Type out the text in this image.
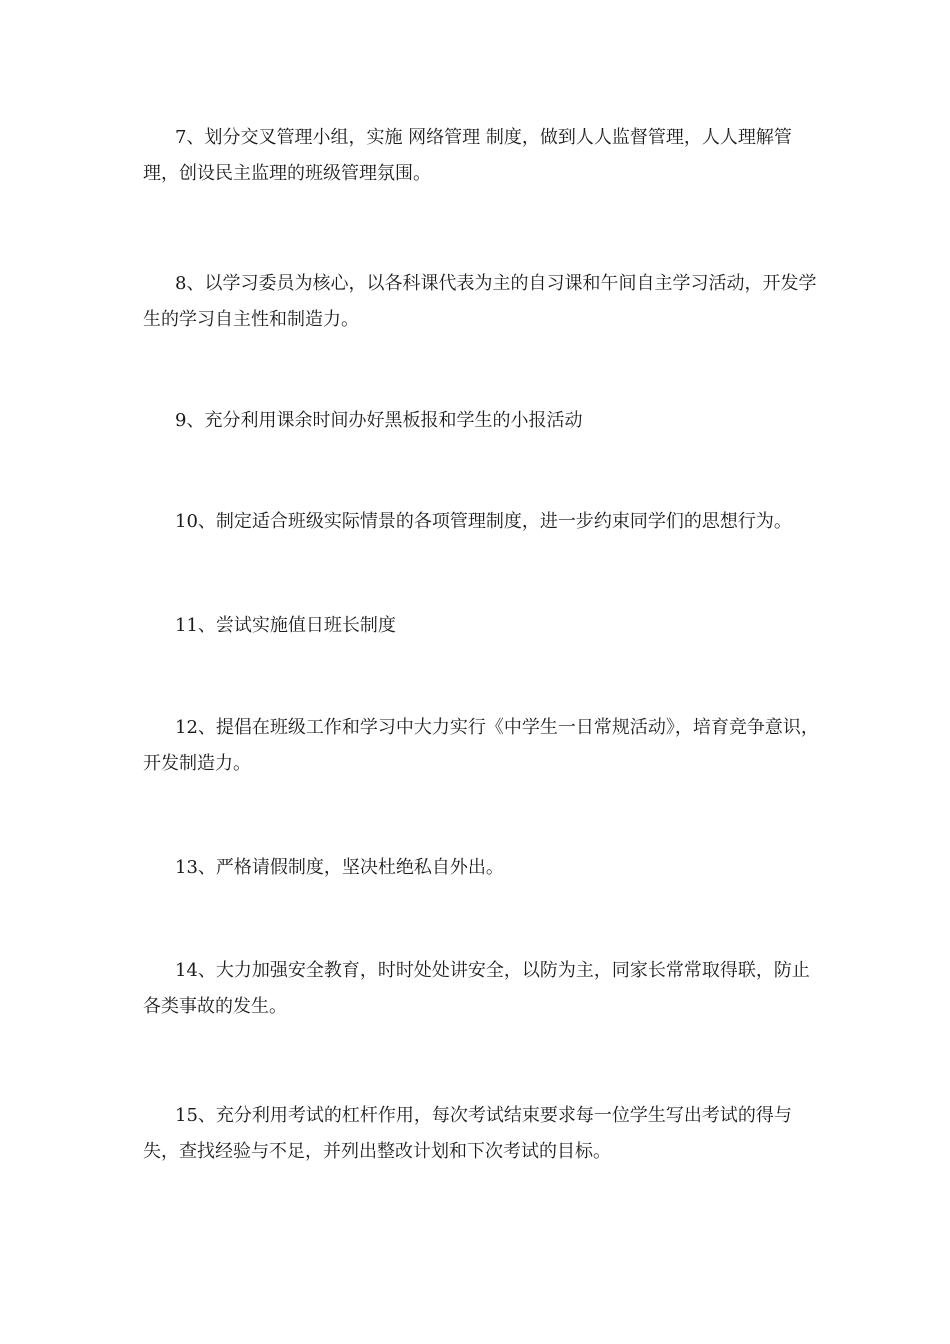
7、划分交叉管理小组，实施 网络管理 制度，做到人人监督管理，人人理解管理，创设民主监理的班级管理氛围。

8、以学习委员为核心，以各科课代表为主的自习课和午间自主学习活动，开发学生的学习自主性和制造力。

9、充分利用课余时间办好黑板报和学生的小报活动

10、制定适合班级实际情景的各项管理制度，进一步约束同学们的思想行为。

11、尝试实施值日班长制度

12、提倡在班级工作和学习中大力实行《中学生一日常规活动》，培育竞争意识，开发制造力。

13、严格请假制度，坚决杜绝私自外出。

14、大力加强安全教育，时时处处讲安全，以防为主，同家长常常取得联，防止各类事故的发生。

15、充分利用考试的杠杆作用，每次考试结束要求每一位学生写出考试的得与失，查找经验与不足，并列出整改计划和下次考试的目标。
